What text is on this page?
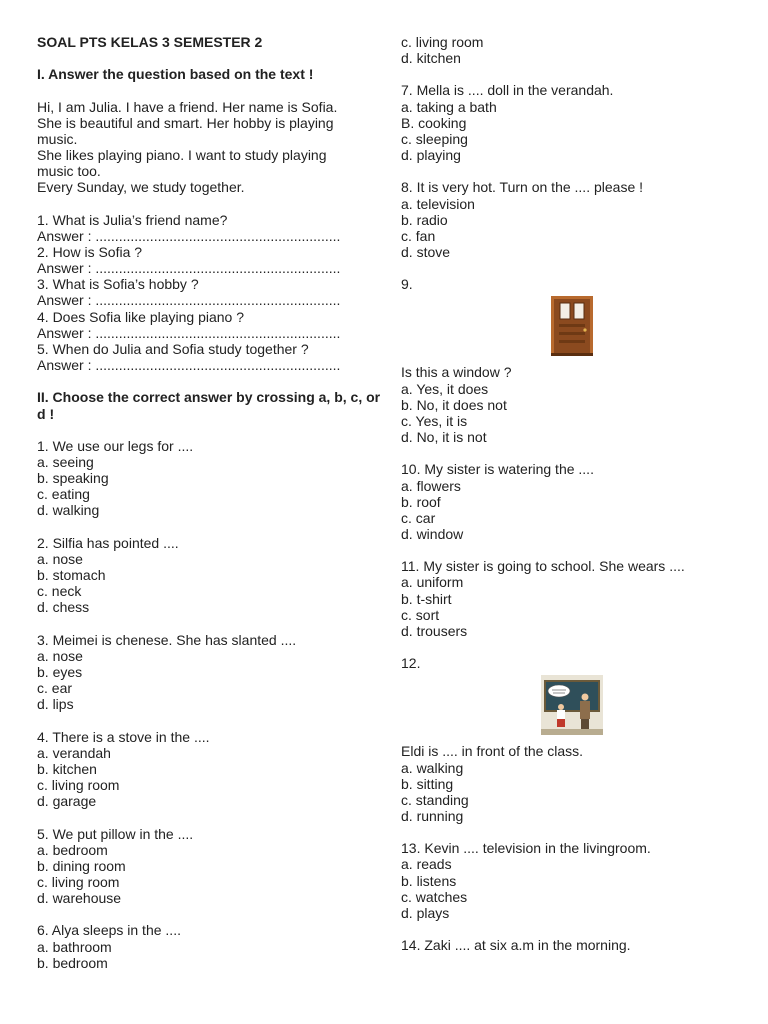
SOAL PTS KELAS 3 SEMESTER 2
I. Answer the question based on the text !
Hi, I am Julia. I have a friend. Her name is Sofia.
She is beautiful and smart. Her hobby is playing
music.
She likes playing piano. I want to study playing
music too.
Every Sunday, we study together.
1. What is Julia’s friend name?
Answer : ...............................................................
2. How is Sofia ?
Answer : ...............................................................
3. What is Sofia’s hobby ?
Answer : ...............................................................
4. Does Sofia like playing piano ?
Answer : ...............................................................
5. When do Julia and Sofia study together ?
Answer : ...............................................................
II. Choose the correct answer by crossing a, b, c, or d !
1. We use our legs for ....
a. seeing
b. speaking
c. eating
d. walking
2. Silfia has pointed ....
a. nose
b. stomach
c. neck
d. chess
3. Meimei is chenese. She has slanted ....
a. nose
b. eyes
c. ear
d. lips
4. There is a stove in the ....
a. verandah
b. kitchen
c. living room
d. garage
5. We put pillow in the ....
a. bedroom
b. dining room
c. living room
d. warehouse
6. Alya sleeps in the ....
a. bathroom
b. bedroom
c. living room
d. kitchen
7. Mella is .... doll in the verandah.
a. taking a bath
B. cooking
c. sleeping
d. playing
8. It is very hot. Turn on the .... please !
a. television
b. radio
c. fan
d. stove
9.
Is this a window ?
a. Yes, it does
b. No, it does not
c. Yes, it is
d. No, it is not
10. My sister is watering the ....
a. flowers
b. roof
c. car
d. window
11. My sister is going to school. She wears ....
a. uniform
b. t-shirt
c. sort
d. trousers
12.
Eldi is .... in front of the class.
a. walking
b. sitting
c. standing
d. running
13. Kevin .... television in the livingroom.
a. reads
b. listens
c. watches
d. plays
14. Zaki .... at six a.m in the morning.
